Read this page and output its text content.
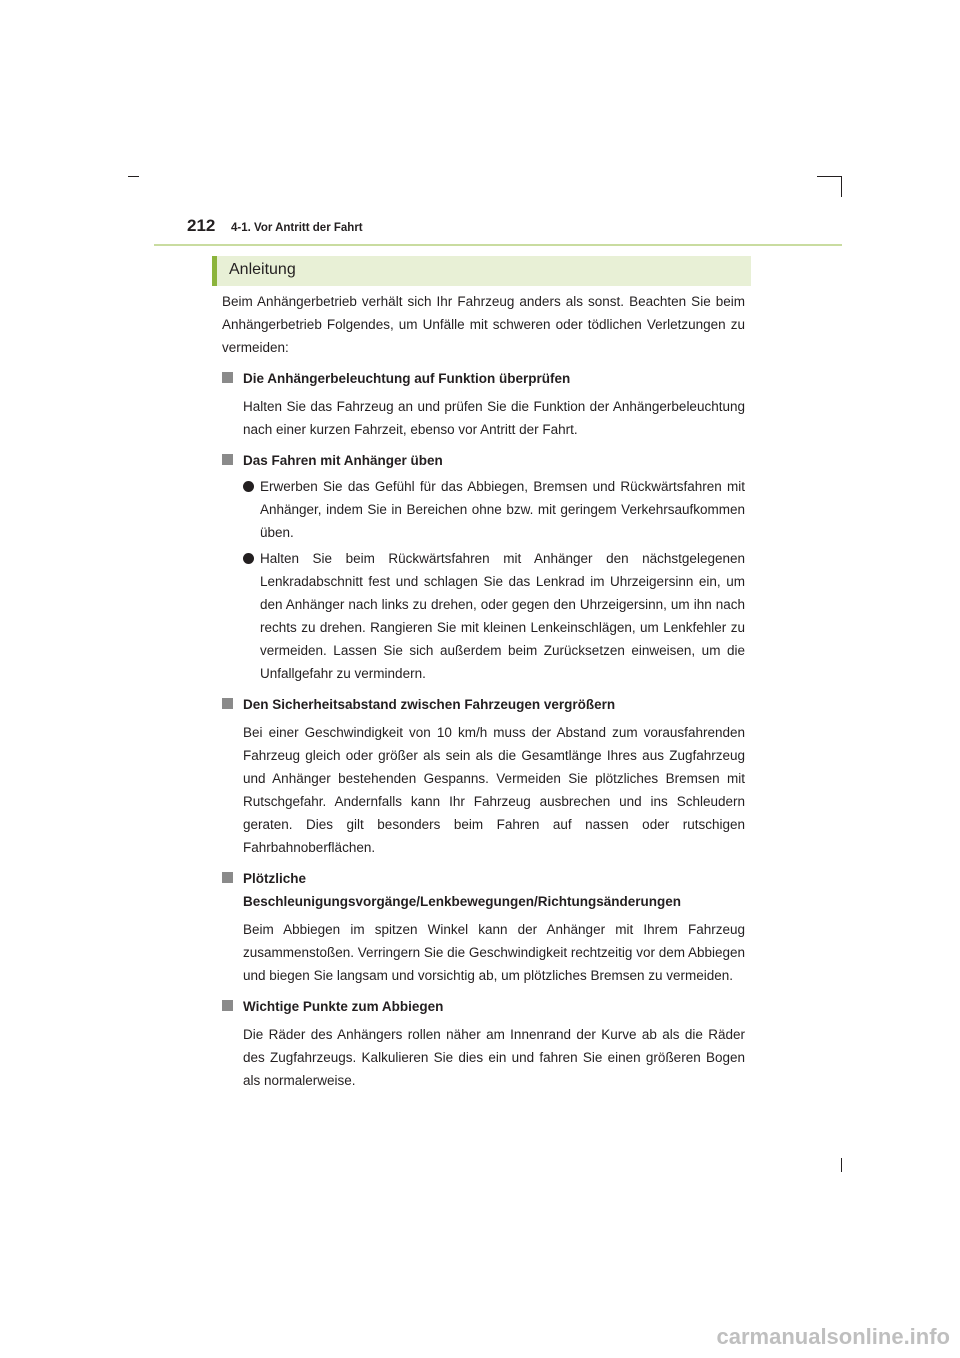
212 4-1. Vor Antritt der Fahrt
Anleitung

Beim Anhängerbetrieb verhält sich Ihr Fahrzeug anders als sonst. Beachten Sie beim Anhängerbetrieb Folgendes, um Unfälle mit schweren oder tödlichen Verletzungen zu vermeiden:

Die Anhängerbeleuchtung auf Funktion überprüfen

Halten Sie das Fahrzeug an und prüfen Sie die Funktion der Anhängerbeleuchtung nach einer kurzen Fahrzeit, ebenso vor Antritt der Fahrt.

Das Fahren mit Anhänger üben

Erwerben Sie das Gefühl für das Abbiegen, Bremsen und Rückwärtsfahren mit Anhänger, indem Sie in Bereichen ohne bzw. mit geringem Verkehrsaufkommen üben.

Halten Sie beim Rückwärtsfahren mit Anhänger den nächstgelegenen Lenkradabschnitt fest und schlagen Sie das Lenkrad im Uhrzeigersinn ein, um den Anhänger nach links zu drehen, oder gegen den Uhrzeigersinn, um ihn nach rechts zu drehen. Rangieren Sie mit kleinen Lenkeinschlägen, um Lenkfehler zu vermeiden. Lassen Sie sich außerdem beim Zurücksetzen einweisen, um die Unfallgefahr zu vermindern.

Den Sicherheitsabstand zwischen Fahrzeugen vergrößern

Bei einer Geschwindigkeit von 10 km/h muss der Abstand zum vorausfahrenden Fahrzeug gleich oder größer als sein als die Gesamtlänge Ihres aus Zugfahrzeug und Anhänger bestehenden Gespanns. Vermeiden Sie plötzliches Bremsen mit Rutschgefahr. Andernfalls kann Ihr Fahrzeug ausbrechen und ins Schleudern geraten. Dies gilt besonders beim Fahren auf nassen oder rutschigen Fahrbahnoberflächen.

Plötzliche Beschleunigungsvorgänge/Lenkbewegungen/Richtungsänderungen

Beim Abbiegen im spitzen Winkel kann der Anhänger mit Ihrem Fahrzeug zusammenstoßen. Verringern Sie die Geschwindigkeit rechtzeitig vor dem Abbiegen und biegen Sie langsam und vorsichtig ab, um plötzliches Bremsen zu vermeiden.

Wichtige Punkte zum Abbiegen

Die Räder des Anhängers rollen näher am Innenrand der Kurve ab als die Räder des Zugfahrzeugs. Kalkulieren Sie dies ein und fahren Sie einen größeren Bogen als normalerweise.

carmanualsonline.info
